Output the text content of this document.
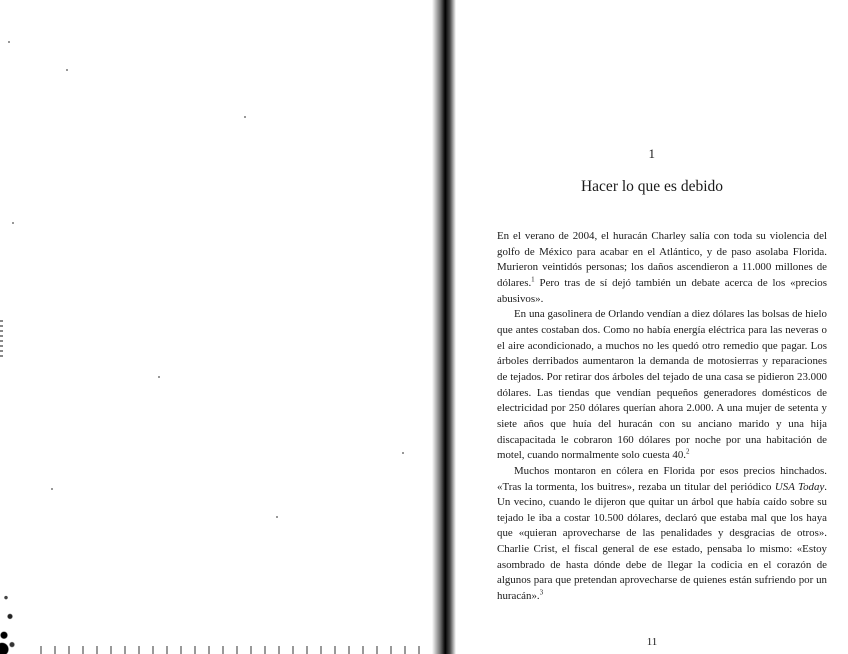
1
Hacer lo que es debido

En el verano de 2004, el huracán Charley salía con toda su violencia del golfo de México para acabar en el Atlántico, y de paso asolaba Florida. Murieron veintidós personas; los daños ascendieron a 11.000 millones de dólares.$^1$ Pero tras de sí dejó también un debate acerca de los «precios abusivos».

En una gasolinera de Orlando vendían a diez dólares las bolsas de hielo que antes costaban dos. Como no había energía eléctrica para las neveras o el aire acondicionado, a muchos no les quedó otro remedio que pagar. Los árboles derribados aumentaron la demanda de motosierras y reparaciones de tejados. Por retirar dos árboles del tejado de una casa se pidieron 23.000 dólares. Las tiendas que vendían pequeños generadores domésticos de electricidad por 250 dólares querían ahora 2.000. A una mujer de setenta y siete años que huía del huracán con su anciano marido y una hija discapacitada le cobraron 160 dólares por noche por una habitación de motel, cuando normalmente solo cuesta 40.$^2$

Muchos montaron en cólera en Florida por esos precios hinchados. «Tras la tormenta, los buitres», rezaba un titular del periódico USA Today. Un vecino, cuando le dijeron que quitar un árbol que había caído sobre su tejado le iba a costar 10.500 dólares, declaró que estaba mal que los haya que «quieran aprovecharse de las penalidades y desgracias de otros». Charlie Crist, el fiscal general de ese estado, pensaba lo mismo: «Estoy asombrado de hasta dónde debe de llegar la codicia en el corazón de algunos para que pretendan aprovecharse de quienes están sufriendo por un huracán».$^3$

11
